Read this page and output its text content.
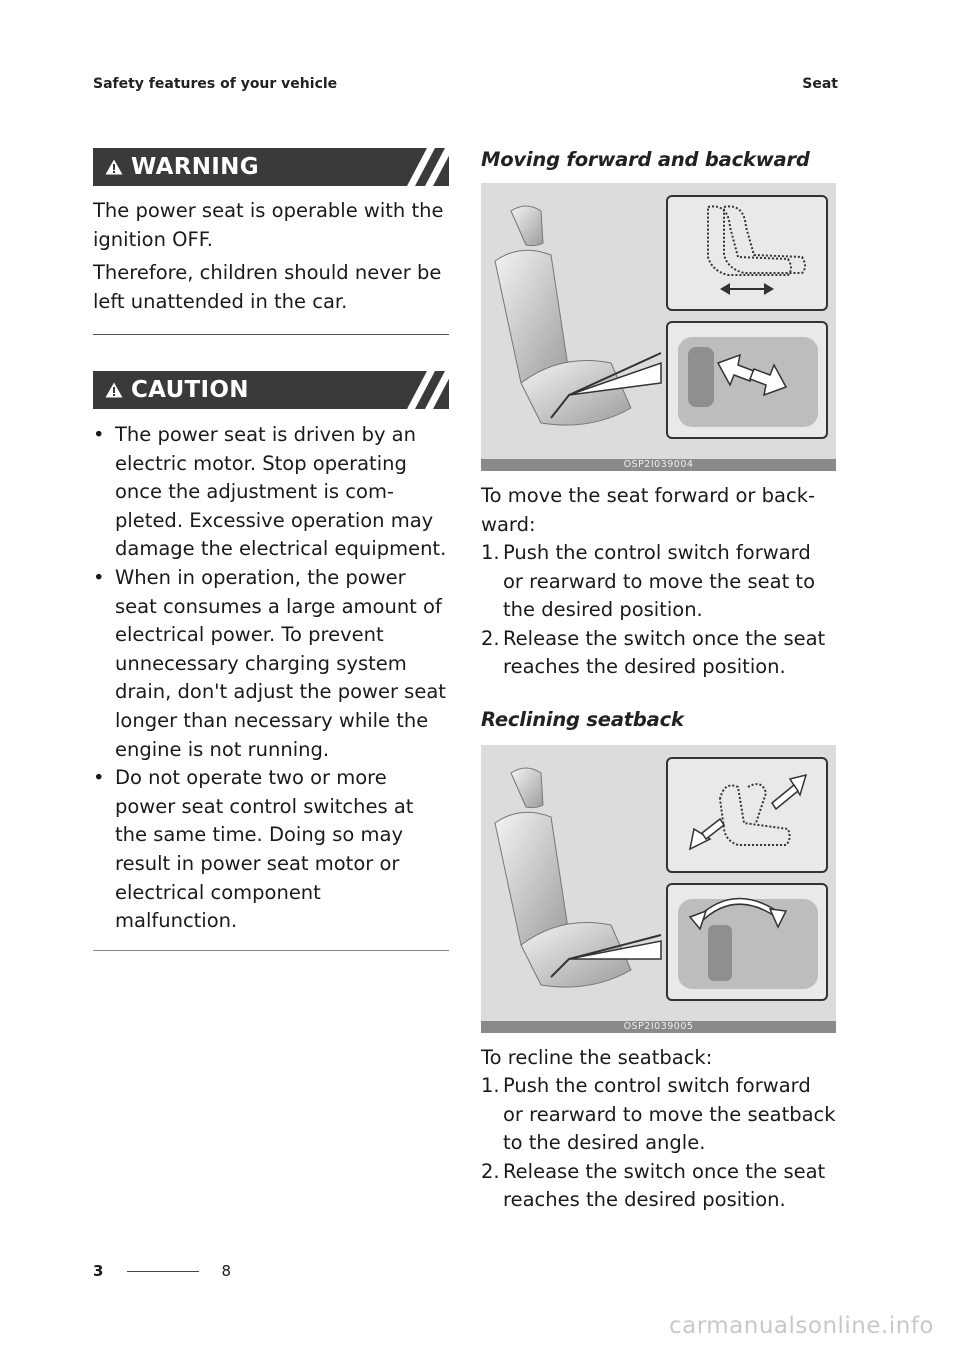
Safety features of your vehicle	Seat
WARNING

The power seat is operable with the ignition OFF.

Therefore, children should never be left unattended in the car.

CAUTION
• The power seat is driven by an electric motor. Stop operating once the adjustment is com-pleted. Excessive operation may damage the electrical equipment.
• When in operation, the power seat consumes a large amount of electrical power. To prevent unnecessary charging system drain, don't adjust the power seat longer than necessary while the engine is not running.
• Do not operate two or more power seat control switches at the same time. Doing so may result in power seat motor or electrical component malfunction.
Moving forward and backward
OSP2I039004

To move the seat forward or back-ward:

1. Push the control switch forward or rearward to move the seat to the desired position.
2. Release the switch once the seat reaches the desired position.
Reclining seatback
OSP2I039005

To recline the seatback:

1. Push the control switch forward or rearward to move the seatback to the desired angle.
2. Release the switch once the seat reaches the desired position.
3	8
carmanualsonline.info
